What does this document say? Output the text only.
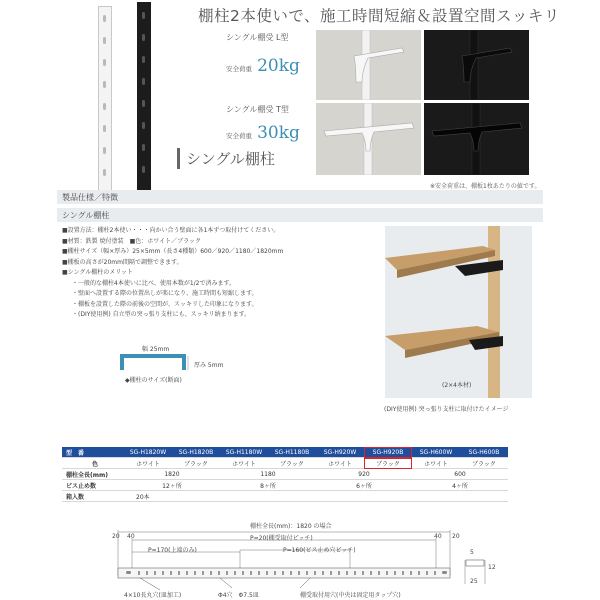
棚柱2本使いで、施工時間短縮＆設置空間スッキリ
シングル棚受 L型
安全荷重 20kg
シングル棚受 T型
安全荷重 30kg
シングル棚柱
※安全荷重は、棚板1枚あたりの値です。
製品仕様／特徴
シングル棚柱
■設置方法：棚柱2本使い・・・向かい合う壁面に各1本ずつ取付けてください。
■材質：鉄製 焼付塗装　■色：ホワイト／ブラック
■棚柱サイズ（幅×厚み）25×5mm（長さ4種類）600／920／1180／1820mm
■棚板の高さが20mm間隔で調整できます。
■シングル棚柱のメリット
・一般的な棚柱4本使いに比べ、使用本数が1/2で済みます。
・壁面へ設置する際の位置出しが楽になり、施工時間も短縮します。
・棚板を設置した際の前後の空間が、スッキリした印象になります。
・(DIY使用例) 自立型の突っ張り支柱にも、スッキリ納まります。
幅 25mm
厚み 5mm
◆棚柱のサイズ(断面)
(2×4本材)
(DIY使用例) 突っ張り支柱に取付けたイメージ
型　番	SG-H1820W	SG-H1820B	SG-H1180W	SG-H1180B	SG-H920W	SG-H920B	SG-H600W	SG-H600B
色	ホワイト	ブラック	ホワイト	ブラック	ホワイト	ブラック	ホワイト	ブラック
棚柱全長(mm)	1820		1180		920		600	
ビス止め数	12ヶ所		8ヶ所		6ヶ所		4ヶ所	
箱入数	20本							
棚柱全長(mm)：1820 の場合
20 40	40 20
P=20(棚受取付ピッチ)
P=170(上端のみ)	P=160(ビス止め穴ピッチ)	5
12
25
4×10長丸穴(皿加工)	Φ4穴　Φ7.5皿	棚受取付用穴(中央は固定用タップ穴)
